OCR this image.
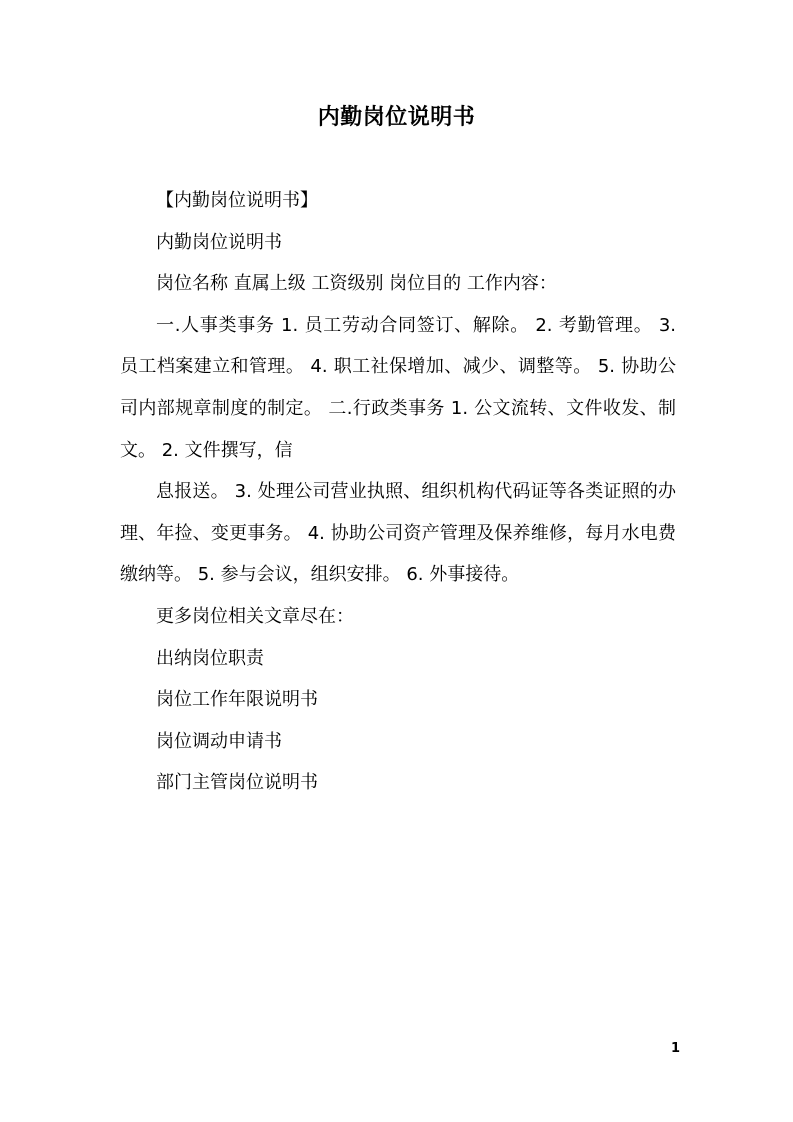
内勤岗位说明书

【内勤岗位说明书】

内勤岗位说明书

岗位名称 直属上级 工资级别 岗位目的 工作内容：

一.人事类事务 1. 员工劳动合同签订、解除。 2. 考勤管理。 3. 员工档案建立和管理。 4. 职工社保增加、减少、调整等。 5. 协助公司内部规章制度的制定。 二.行政类事务 1. 公文流转、文件收发、制文。 2. 文件撰写，信

息报送。 3. 处理公司营业执照、组织机构代码证等各类证照的办理、年捡、变更事务。 4. 协助公司资产管理及保养维修，每月水电费缴纳等。 5. 参与会议，组织安排。 6. 外事接待。

更多岗位相关文章尽在：

出纳岗位职责

岗位工作年限说明书

岗位调动申请书

部门主管岗位说明书

1
